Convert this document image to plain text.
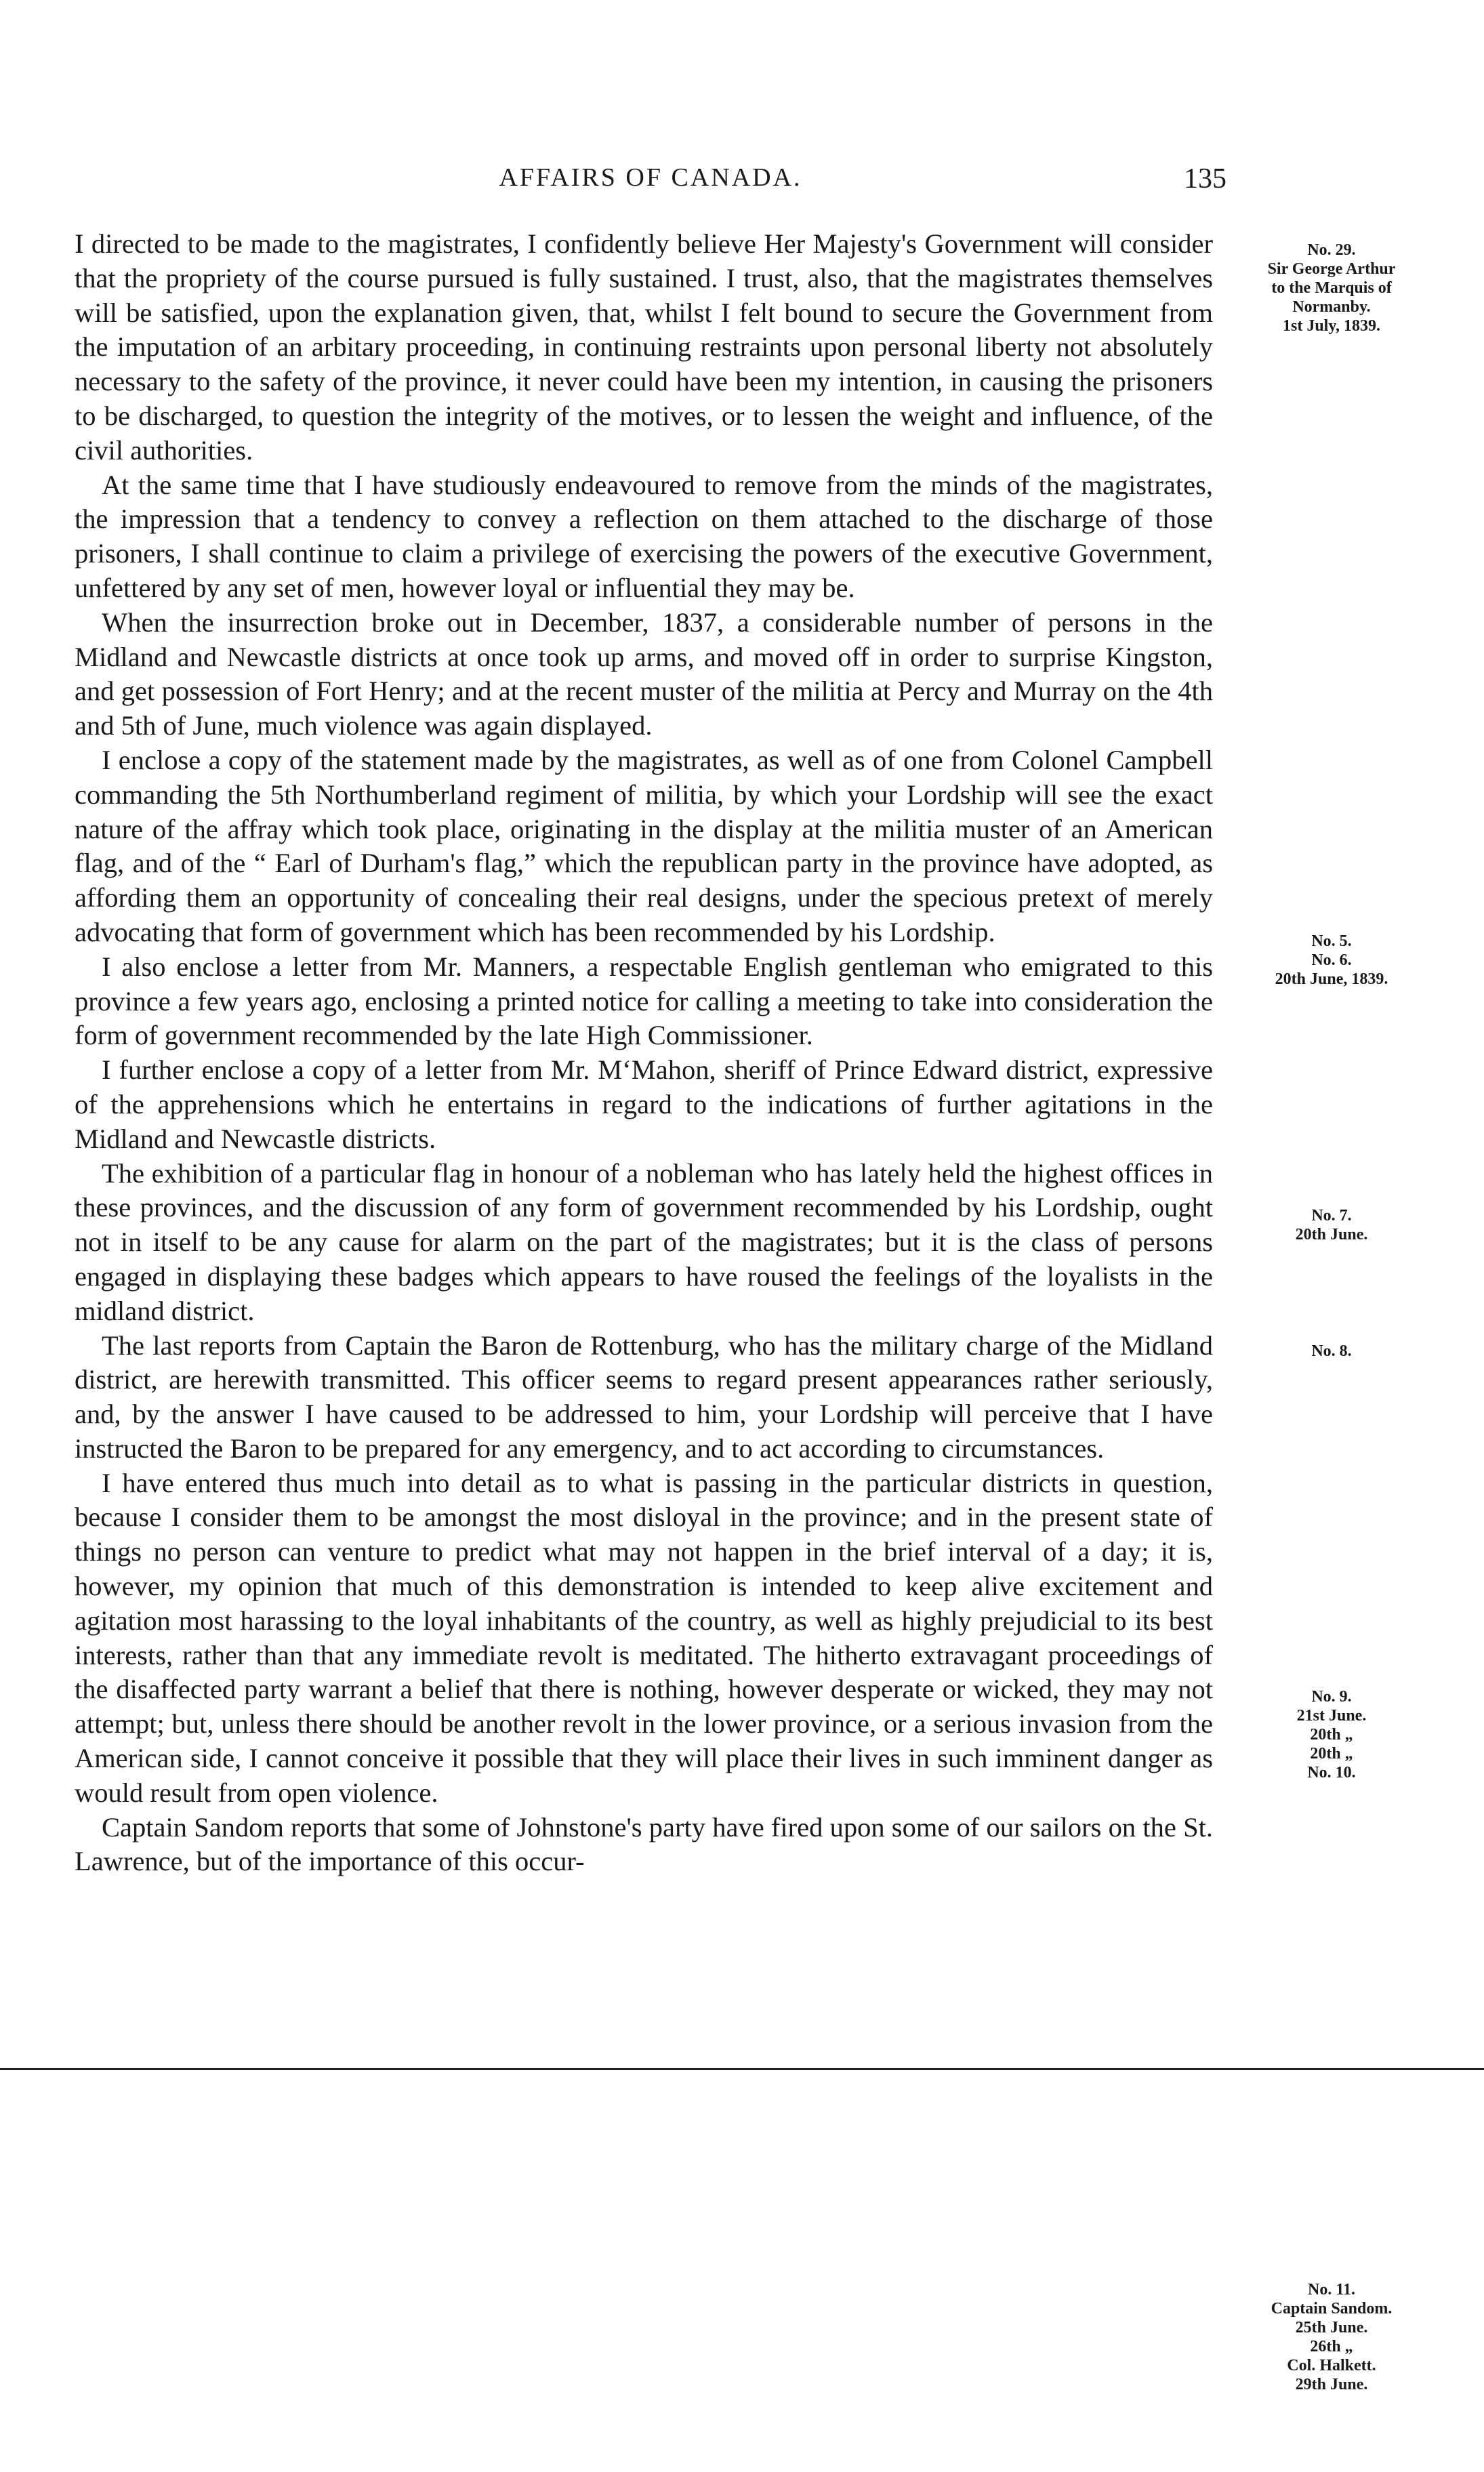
AFFAIRS OF CANADA.	135

I directed to be made to the magistrates, I confidently believe Her Majesty's Government will consider that the propriety of the course pursued is fully sustained. I trust, also, that the magistrates themselves will be satisfied, upon the explanation given, that, whilst I felt bound to secure the Government from the imputation of an arbitary proceeding, in continuing restraints upon personal liberty not absolutely necessary to the safety of the province, it never could have been my intention, in causing the prisoners to be discharged, to question the integrity of the motives, or to lessen the weight and influence, of the civil authorities.

At the same time that I have studiously endeavoured to remove from the minds of the magistrates, the impression that a tendency to convey a reflection on them attached to the discharge of those prisoners, I shall continue to claim a privilege of exercising the powers of the executive Government, unfettered by any set of men, however loyal or influential they may be.

When the insurrection broke out in December, 1837, a considerable number of persons in the Midland and Newcastle districts at once took up arms, and moved off in order to surprise Kingston, and get possession of Fort Henry; and at the recent muster of the militia at Percy and Murray on the 4th and 5th of June, much violence was again displayed.

I enclose a copy of the statement made by the magistrates, as well as of one from Colonel Campbell commanding the 5th Northumberland regiment of militia, by which your Lordship will see the exact nature of the affray which took place, originating in the display at the militia muster of an American flag, and of the “ Earl of Durham's flag,” which the republican party in the province have adopted, as affording them an opportunity of concealing their real designs, under the specious pretext of merely advocating that form of government which has been recommended by his Lordship.

I also enclose a letter from Mr. Manners, a respectable English gentleman who emigrated to this province a few years ago, enclosing a printed notice for calling a meeting to take into consideration the form of government recommended by the late High Commissioner.

I further enclose a copy of a letter from Mr. M‘Mahon, sheriff of Prince Edward district, expressive of the apprehensions which he entertains in regard to the indications of further agitations in the Midland and Newcastle districts.

The exhibition of a particular flag in honour of a nobleman who has lately held the highest offices in these provinces, and the discussion of any form of government recommended by his Lordship, ought not in itself to be any cause for alarm on the part of the magistrates; but it is the class of persons engaged in displaying these badges which appears to have roused the feelings of the loyalists in the midland district.

The last reports from Captain the Baron de Rottenburg, who has the military charge of the Midland district, are herewith transmitted. This officer seems to regard present appearances rather seriously, and, by the answer I have caused to be addressed to him, your Lordship will perceive that I have instructed the Baron to be prepared for any emergency, and to act according to circumstances.

I have entered thus much into detail as to what is passing in the particular districts in question, because I consider them to be amongst the most disloyal in the province; and in the present state of things no person can venture to predict what may not happen in the brief interval of a day; it is, however, my opinion that much of this demonstration is intended to keep alive excitement and agitation most harassing to the loyal inhabitants of the country, as well as highly prejudicial to its best interests, rather than that any immediate revolt is meditated. The hitherto extravagant proceedings of the disaffected party warrant a belief that there is nothing, however desperate or wicked, they may not attempt; but, unless there should be another revolt in the lower province, or a serious invasion from the American side, I cannot conceive it possible that they will place their lives in such imminent danger as would result from open violence.

Captain Sandom reports that some of Johnstone's party have fired upon some of our sailors on the St. Lawrence, but of the importance of this occur-

No. 29.
Sir George Arthur
to the Marquis of
Normanby.
1st July, 1839.
No. 5.
No. 6.
20th June, 1839.
No. 7.
20th June.
No. 8.
No. 9.
21st June.
20th „
20th „
No. 10.
No. 11.
Captain Sandom.
25th June.
26th „
Col. Halkett.
29th June.
